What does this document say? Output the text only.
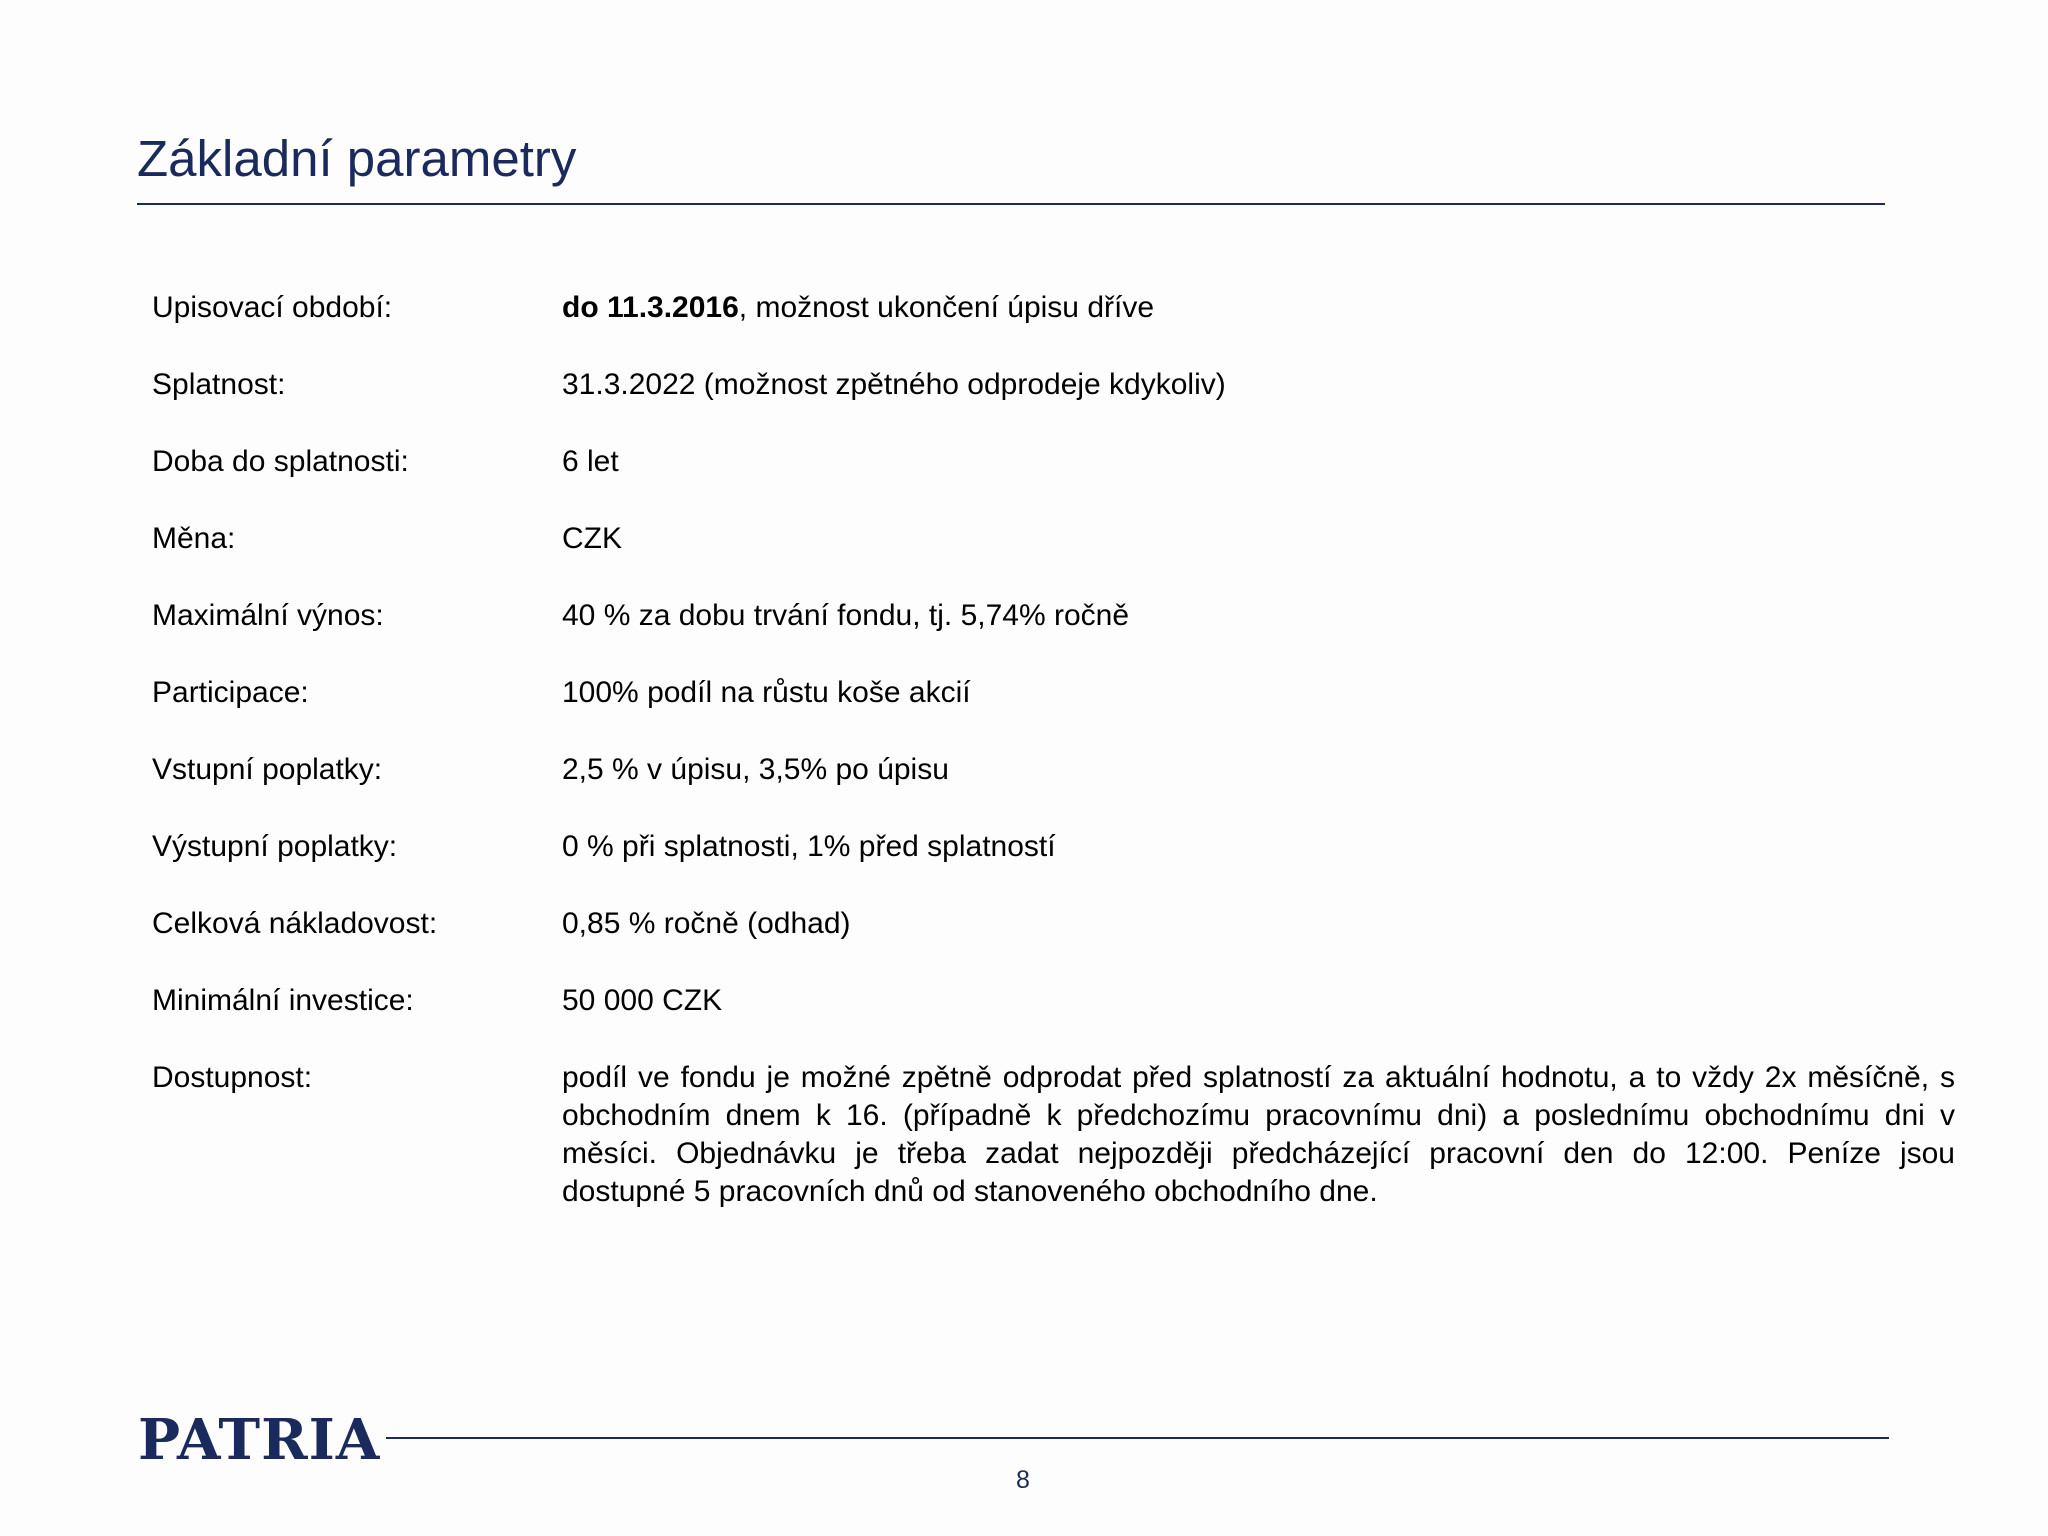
Základní parametry
Upisovací období:	do 11.3.2016, možnost ukončení úpisu dříve
Splatnost:	31.3.2022 (možnost zpětného odprodeje kdykoliv)
Doba do splatnosti:	6 let
Měna:	CZK
Maximální výnos:	40 % za dobu trvání fondu, tj. 5,74% ročně
Participace:	100% podíl na růstu koše akcií
Vstupní poplatky:	2,5 % v úpisu, 3,5% po úpisu
Výstupní poplatky:	0 % při splatnosti, 1% před splatností
Celková nákladovost:	0,85 % ročně (odhad)
Minimální investice:	50 000 CZK
Dostupnost:	podíl ve fondu je možné zpětně odprodat před splatností za aktuální hodnotu, a to vždy 2x měsíčně, s obchodním dnem k 16. (případně k předchozímu pracovnímu dni) a poslednímu obchodnímu dni v měsíci. Objednávku je třeba zadat nejpozději předcházející pracovní den do 12:00. Peníze jsou dostupné 5 pracovních dnů od stanoveného obchodního dne.
PATRIA
8
